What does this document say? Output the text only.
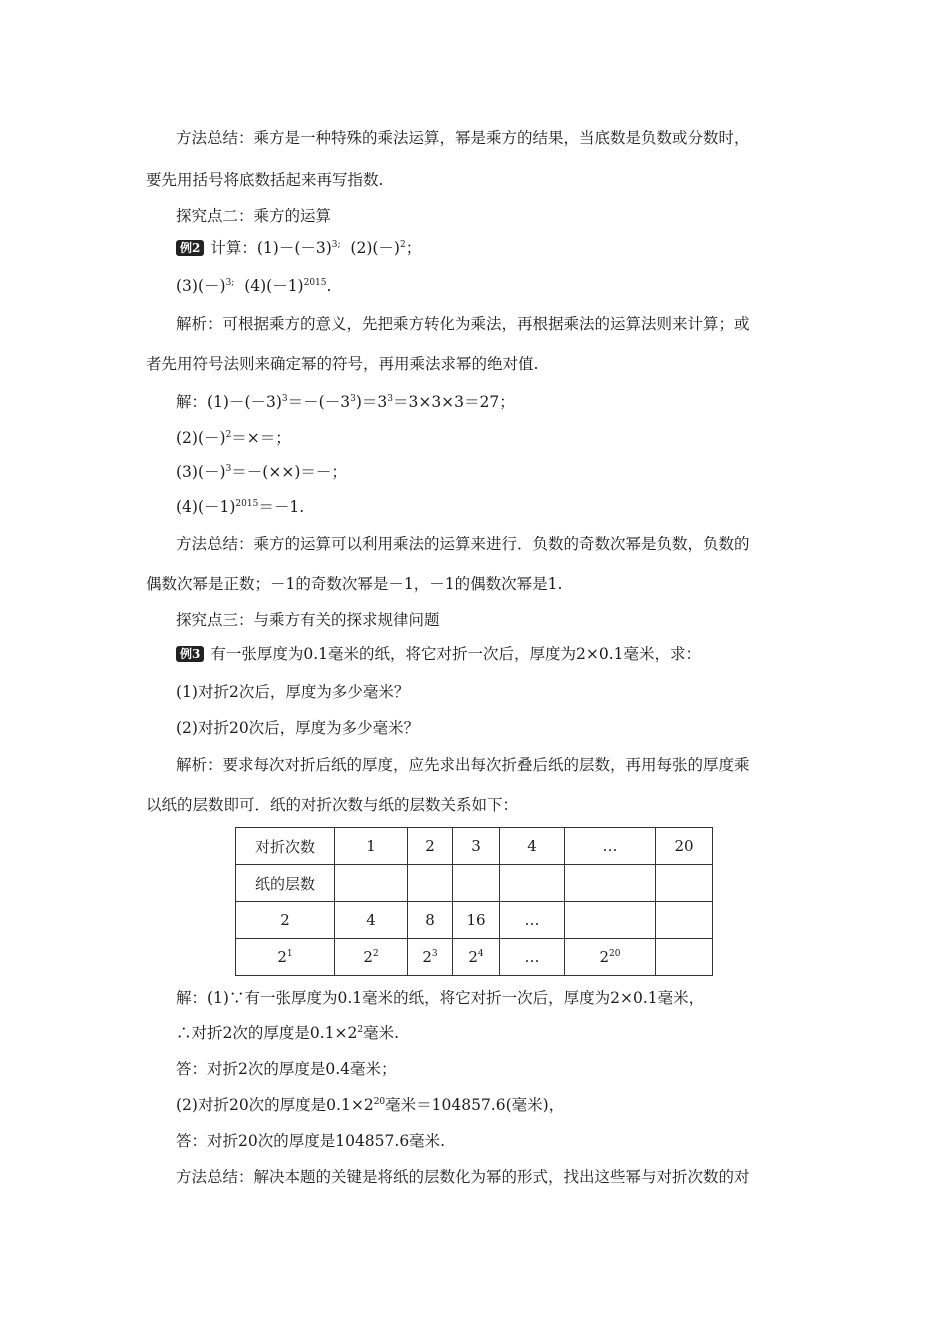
方法总结：乘方是一种特殊的乘法运算，幂是乘方的结果，当底数是负数或分数时，
要先用括号将底数括起来再写指数.
探究点二：乘方的运算
例2 计算：$(1)-(-3)^{3;}$ $(2)(-)^2$；
$(3)(-)^{3;}$ $(4)(-1)^{2015}$.
解析：可根据乘方的意义，先把乘方转化为乘法，再根据乘法的运算法则来计算；或
者先用符号法则来确定幂的符号，再用乘法求幂的绝对值.
解：$(1)-(-3)^3=-(-3^3)=3^3=3\times 3\times 3=27$；
$(2)(-)^2=\times=$；
$(3)(-)^3=-(\times\times)=-$；
$(4)(-1)^{2015}=-1$.
方法总结：乘方的运算可以利用乘法的运算来进行．负数的奇数次幂是负数，负数的
偶数次幂是正数；－1的奇数次幂是－1，－1的偶数次幂是1.
探究点三：与乘方有关的探求规律问题
例3 有一张厚度为0.1毫米的纸，将它对折一次后，厚度为2×0.1毫米，求：
(1)对折2次后，厚度为多少毫米？
(2)对折20次后，厚度为多少毫米？
解析：要求每次对折后纸的厚度，应先求出每次折叠后纸的层数，再用每张的厚度乘
以纸的层数即可．纸的对折次数与纸的层数关系如下：
对折次数	1	2	3	4	…	20
纸的层数						
2	4	8	16	…		
$2^1$	$2^2$	$2^3$	$2^4$	…	$2^{20}$	
解：(1)∵有一张厚度为0.1毫米的纸，将它对折一次后，厚度为2×0.1毫米，
∴对折2次的厚度是$0.1\times 2^2$毫米.
答：对折2次的厚度是0.4毫米；
(2)对折20次的厚度是$0.1\times 2^{20}$毫米＝104857.6(毫米)，
答：对折20次的厚度是104857.6毫米.
方法总结：解决本题的关键是将纸的层数化为幂的形式，找出这些幂与对折次数的对
